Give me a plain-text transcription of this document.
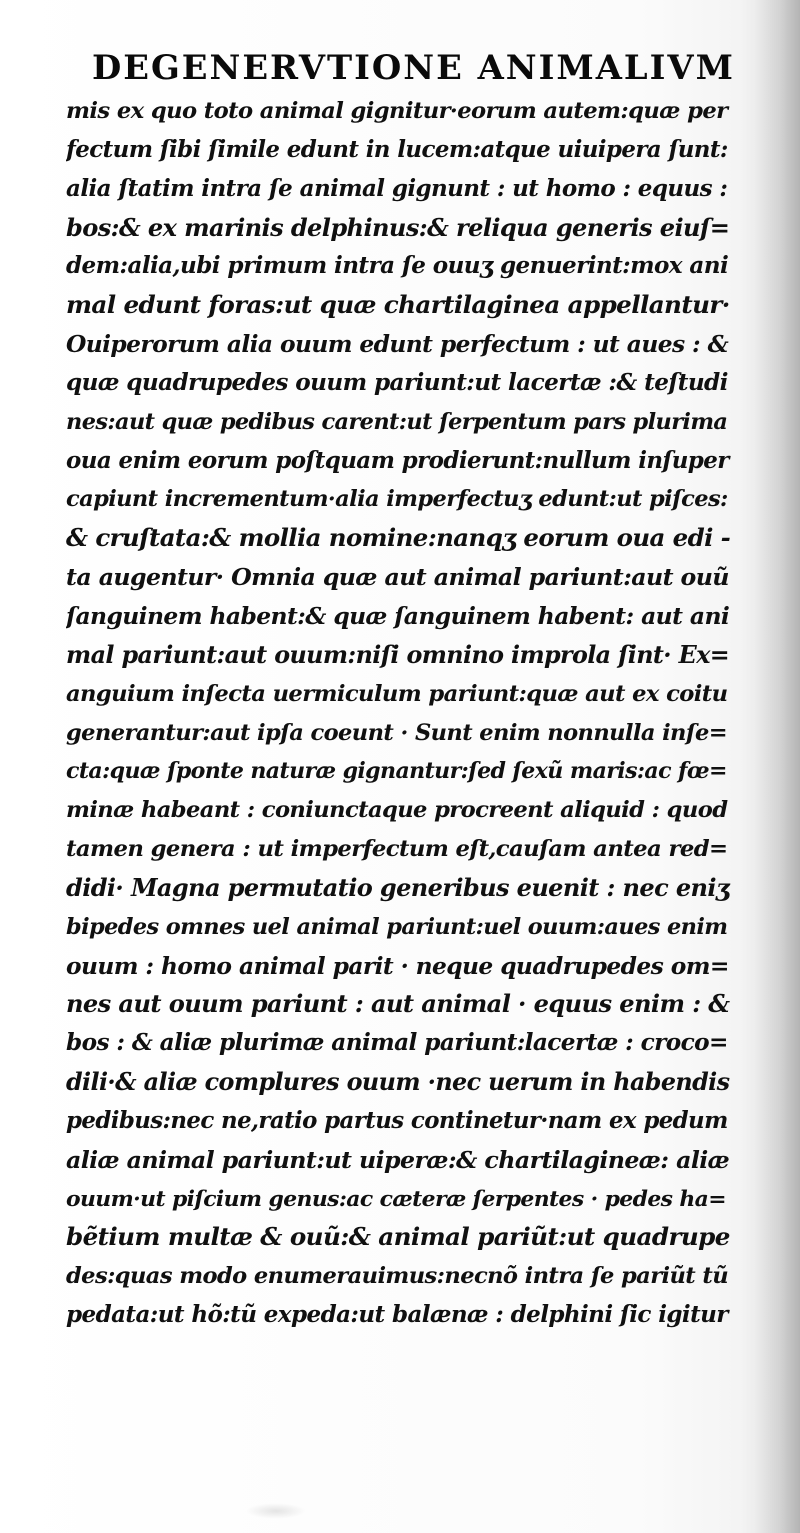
DEGENERVTIONE ANIMALIVM
mis ex quo toto animal gignitur·eorum autem:quæ per
fectum ſibi ſimile edunt in lucem:atque uiuipera ſunt:
alia ſtatim intra ſe animal gignunt : ut homo : equus :
bos:& ex marinis delphinus:& reliqua generis eiuſ=
dem:alia,ubi primum intra ſe ouuʒ genuerint:mox ani
mal edunt foras:ut quæ chartilaginea appellantur·
Ouiperorum alia ouum edunt perfectum : ut aues : &
quæ quadrupedes ouum pariunt:ut lacertæ :& teſtudi
nes:aut quæ pedibus carent:ut ſerpentum pars plurima
oua enim eorum poſtquam prodierunt:nullum inſuper
capiunt incrementum·alia imperfectuʒ edunt:ut piſces:
& cruſtata:& mollia nomine:nanqʒ eorum oua edi -
ta augentur· Omnia quæ aut animal pariunt:aut ouũ
ſanguinem habent:& quæ ſanguinem habent: aut ani
mal pariunt:aut ouum:niſi omnino improla ſint· Ex=
anguium inſecta uermiculum pariunt:quæ aut ex coitu
generantur:aut ipſa coeunt · Sunt enim nonnulla inſe=
cta:quæ ſponte naturæ gignantur:ſed ſexũ maris:ac fœ=
minæ habeant : coniunctaque procreent aliquid : quod
tamen genera : ut imperfectum eſt,cauſam antea red=
didi· Magna permutatio generibus euenit : nec eniʒ
bipedes omnes uel animal pariunt:uel ouum:aues enim
ouum : homo animal parit · neque quadrupedes om=
nes aut ouum pariunt : aut animal · equus enim : &
bos : & aliæ plurimæ animal pariunt:lacertæ : croco=
dili·& aliæ complures ouum ·nec uerum in habendis
pedibus:nec ne,ratio partus continetur·nam ex pedum
aliæ animal pariunt:ut uiperæ:& chartilagineæ: aliæ
ouum·ut piſcium genus:ac cæteræ ſerpentes · pedes ha=
bẽtium multæ & ouũ:& animal pariũt:ut quadrupe
des:quas modo enumerauimus:necnõ intra ſe pariũt tũ
pedata:ut hõ:tũ expeda:ut balænæ : delphini ſic igitur
